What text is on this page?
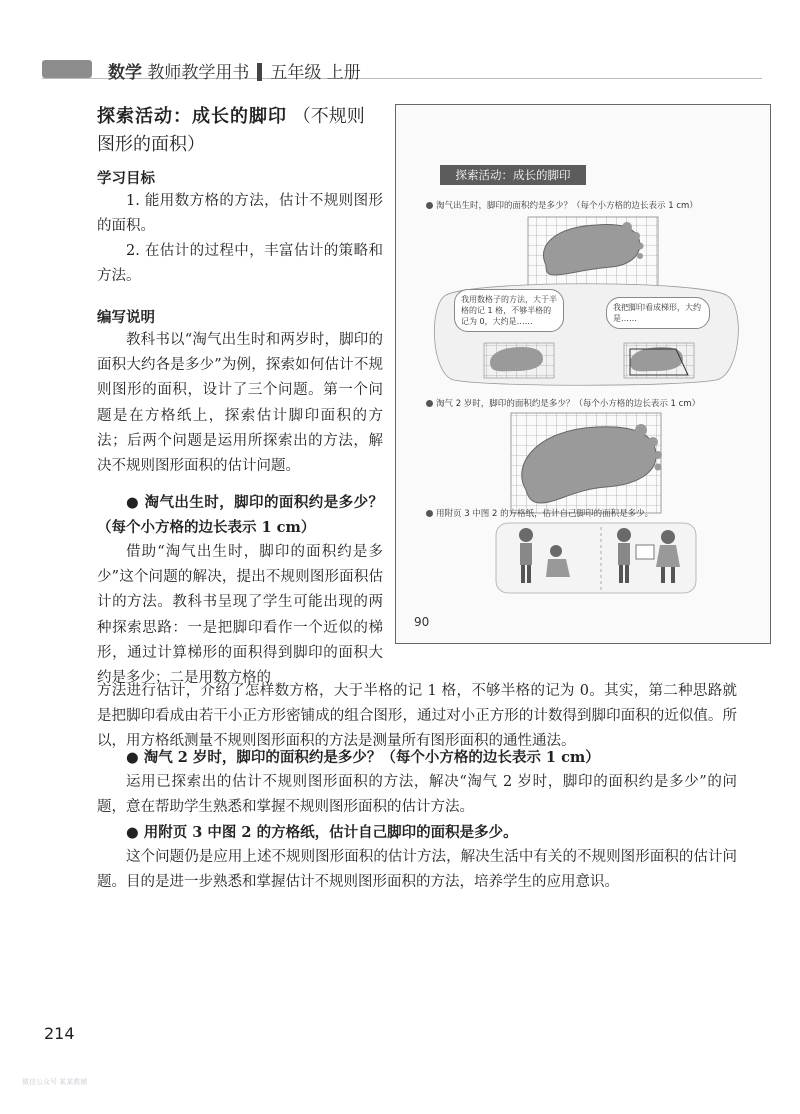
数学 教师教学用书 五年级 上册
探索活动：成长的脚印 （不规则
图形的面积）
学习目标
1. 能用数方格的方法，估计不规则图形的面积。
2. 在估计的过程中，丰富估计的策略和方法。
编写说明
教科书以“淘气出生时和两岁时，脚印的面积大约各是多少”为例，探索如何估计不规则图形的面积，设计了三个问题。第一个问题是在方格纸上，探索估计脚印面积的方法；后两个问题是运用所探索出的方法，解决不规则图形面积的估计问题。
● 淘气出生时，脚印的面积约是多少？（每个小方格的边长表示 1 cm）
借助“淘气出生时，脚印的面积约是多少”这个问题的解决，提出不规则图形面积估计的方法。教科书呈现了学生可能出现的两种探索思路：一是把脚印看作一个近似的梯形，通过计算梯形的面积得到脚印的面积大约是多少；二是用数方格的
方法进行估计，介绍了怎样数方格，大于半格的记 1 格，不够半格的记为 0。其实，第二种思路就是把脚印看成由若干小正方形密铺成的组合图形，通过对小正方形的计数得到脚印面积的近似值。所以，用方格纸测量不规则图形面积的方法是测量所有图形面积的通性通法。
● 淘气 2 岁时，脚印的面积约是多少？（每个小方格的边长表示 1 cm）
运用已探索出的估计不规则图形面积的方法，解决“淘气 2 岁时，脚印的面积约是多少”的问题，意在帮助学生熟悉和掌握不规则图形面积的估计方法。
● 用附页 3 中图 2 的方格纸，估计自己脚印的面积是多少。
这个问题仍是应用上述不规则图形面积的估计方法，解决生活中有关的不规则图形面积的估计问题。目的是进一步熟悉和掌握估计不规则图形面积的方法，培养学生的应用意识。
探索活动：成长的脚印
淘气出生时，脚印的面积约是多少？（每个小方格的边长表示 1 cm）
我用数格子的方法，大于半格的记 1 格，不够半格的记为 0，大约是……
我把脚印看成梯形，大约是……
淘气 2 岁时，脚印的面积约是多少？（每个小方格的边长表示 1 cm）
用附页 3 中图 2 的方格纸，估计自己脚印的面积是多少。
90
214
微信公众号 某某教辅
